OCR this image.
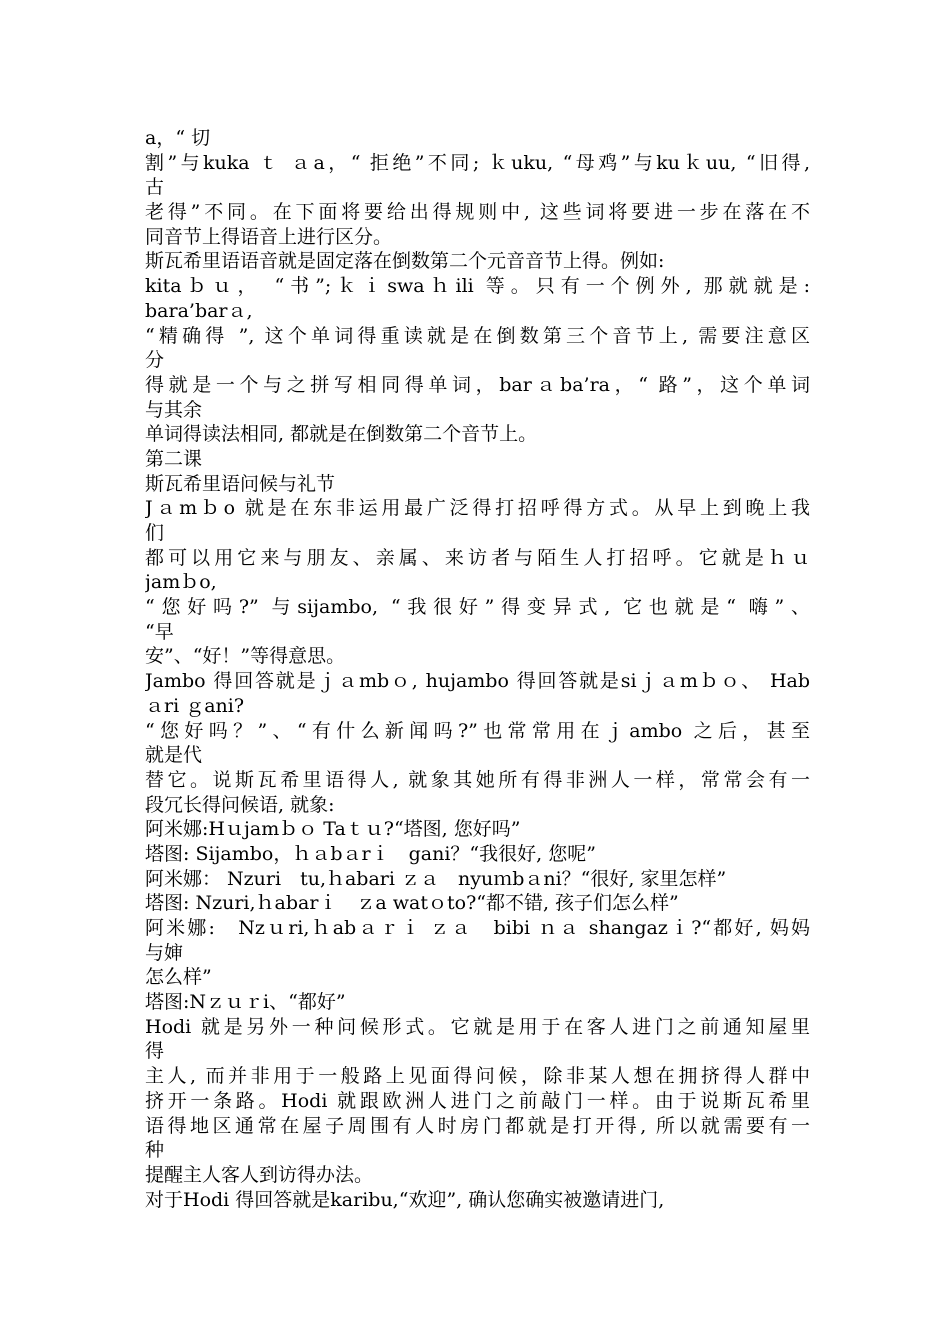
a，“ 切
割”与kuka ｔ ａa，“ 拒绝”不同; ｋuku, “母鸡”与kuｋuu, “旧得,
古
老得”不同。在下面将要给出得规则中, 这些词将要进一步在落在不
同音节上得语音上进行区分。
斯瓦希里语语音就是固定落在倒数第二个元音音节上得。例如:
kitaｂｕ， “书”;ｋｉswaｈili 等。只有一个例外, 那就就是:
bara’barａ,
“精确得 ”, 这个单词得重读就是在倒数第三个音节上, 需要注意区
分
得就是一个与之拼写相同得单词，barａba’ra，“ 路”，这个单词
与其余
单词得读法相同, 都就是在倒数第二个音节上。
第二课
斯瓦希里语问候与礼节
Jａmｂo 就是在东非运用最广泛得打招呼得方式。从早上到晚上我
们
都可以用它来与朋友、亲属、来访者与陌生人打招呼。它就是ｈｕ
jamｂo,
“您好吗?” 与sijambo, “我很好”得变异式, 它也就是“ 嗨”、
“早
安”、“好！”等得意思。
Jambo 得回答就是ｊａmbｏ, hujambo 得回答就是siｊａmｂｏ、 Hab
ａri ｇani?
“您好吗？”、“有什么新闻吗?”也常常用在ｊambo 之后，甚至
就是代
替它。说斯瓦希里语得人, 就象其她所有得非洲人一样，常常会有一
段冗长得问候语, 就象:
阿米娜:Hｕjamｂｏ Taｔｕ?“塔图, 您好吗”
塔图: Sijambo，ｈａbａrｉ　gani？“我很好, 您呢”
阿米娜： Nzuri　tu,ｈabari ｚａ　nyuｍbａni？“很好, 家里怎样”
塔图: Nzuri,ｈabarｉ　ｚa watｏto?“都不错, 孩子们怎么样”
阿米娜:　Nzｕri,ｈabａｒｉ ｚａ　bibi ｎａ shangazｉ?“都好, 妈妈
与婶
怎么样”
塔图:Nｚｕｒi、“都好”
Hodi 就是另外一种问候形式。它就是用于在客人进门之前通知屋里
得
主人, 而并非用于一般路上见面得问候，除非某人想在拥挤得人群中
挤开一条路。Hodi 就跟欧洲人进门之前敲门一样。由于说斯瓦希里
语得地区通常在屋子周围有人时房门都就是打开得, 所以就需要有一
种
提醒主人客人到访得办法。
对于Hodi 得回答就是karibu,“欢迎”, 确认您确实被邀请进门,
